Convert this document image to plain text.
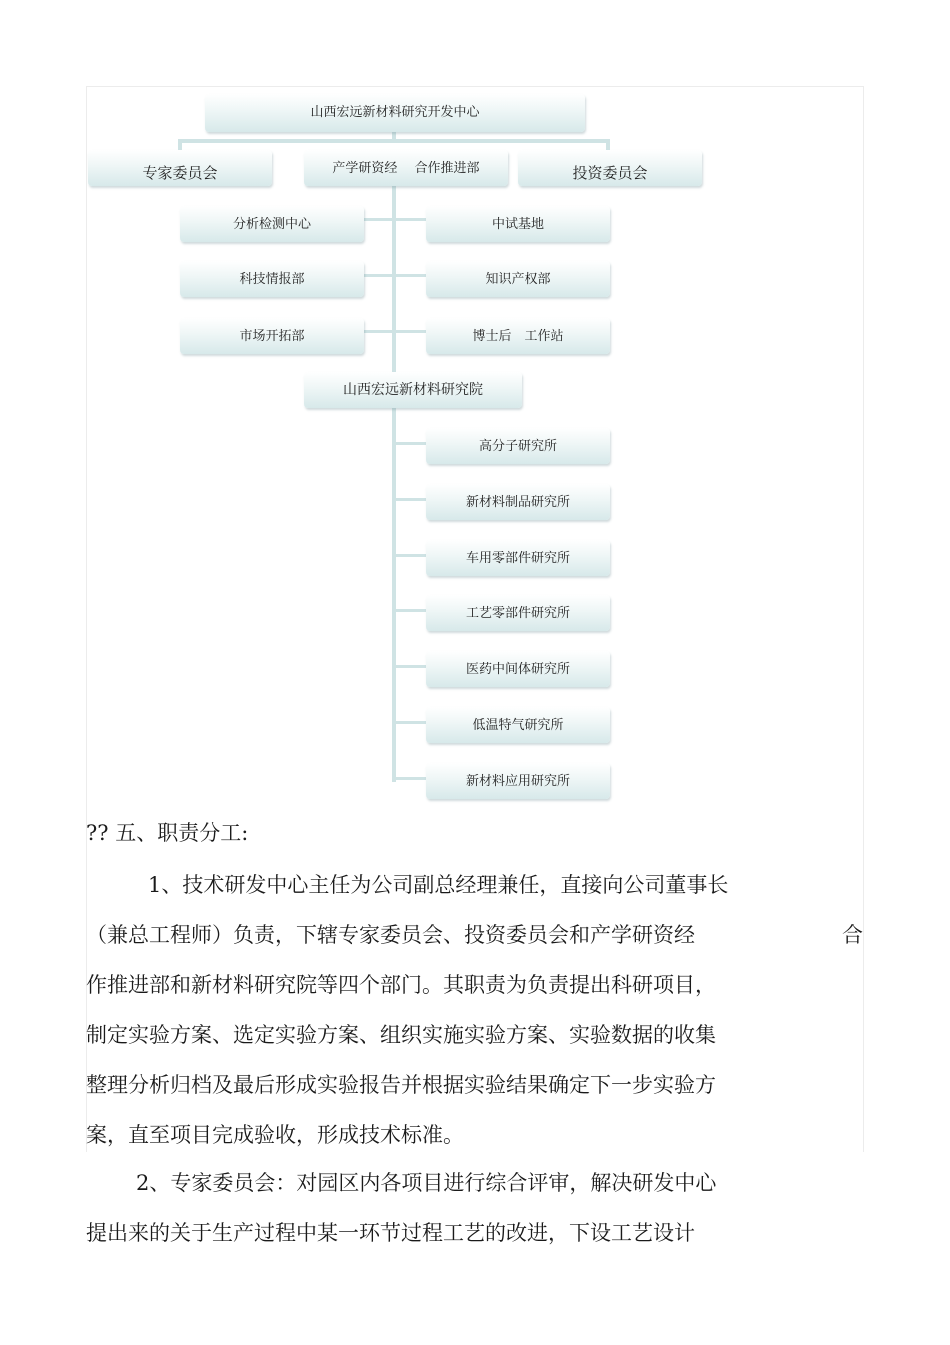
山西宏远新材料研究开发中心
专家委员会	产学研资经　 合作推进部	投资委员会
分析检测中心
科技情报部
市场开拓部
中试基地
知识产权部
博士后　工作站
山西宏远新材料研究院
高分子研究所
新材料制品研究所
车用零部件研究所
工艺零部件研究所
医药中间体研究所
低温特气研究所
新材料应用研究所
?? 五、职责分工:
1、技术研发中心主任为公司副总经理兼任，直接向公司董事长
（兼总工程师）负责，下辖专家委员会、投资委员会和产学研资经	合
作推进部和新材料研究院等四个部门。其职责为负责提出科研项目，
制定实验方案、选定实验方案、组织实施实验方案、实验数据的收集
整理分析归档及最后形成实验报告并根据实验结果确定下一步实验方
案，直至项目完成验收，形成技术标准。
2、专家委员会：对园区内各项目进行综合评审，解决研发中心
提出来的关于生产过程中某一环节过程工艺的改进，下设工艺设计
